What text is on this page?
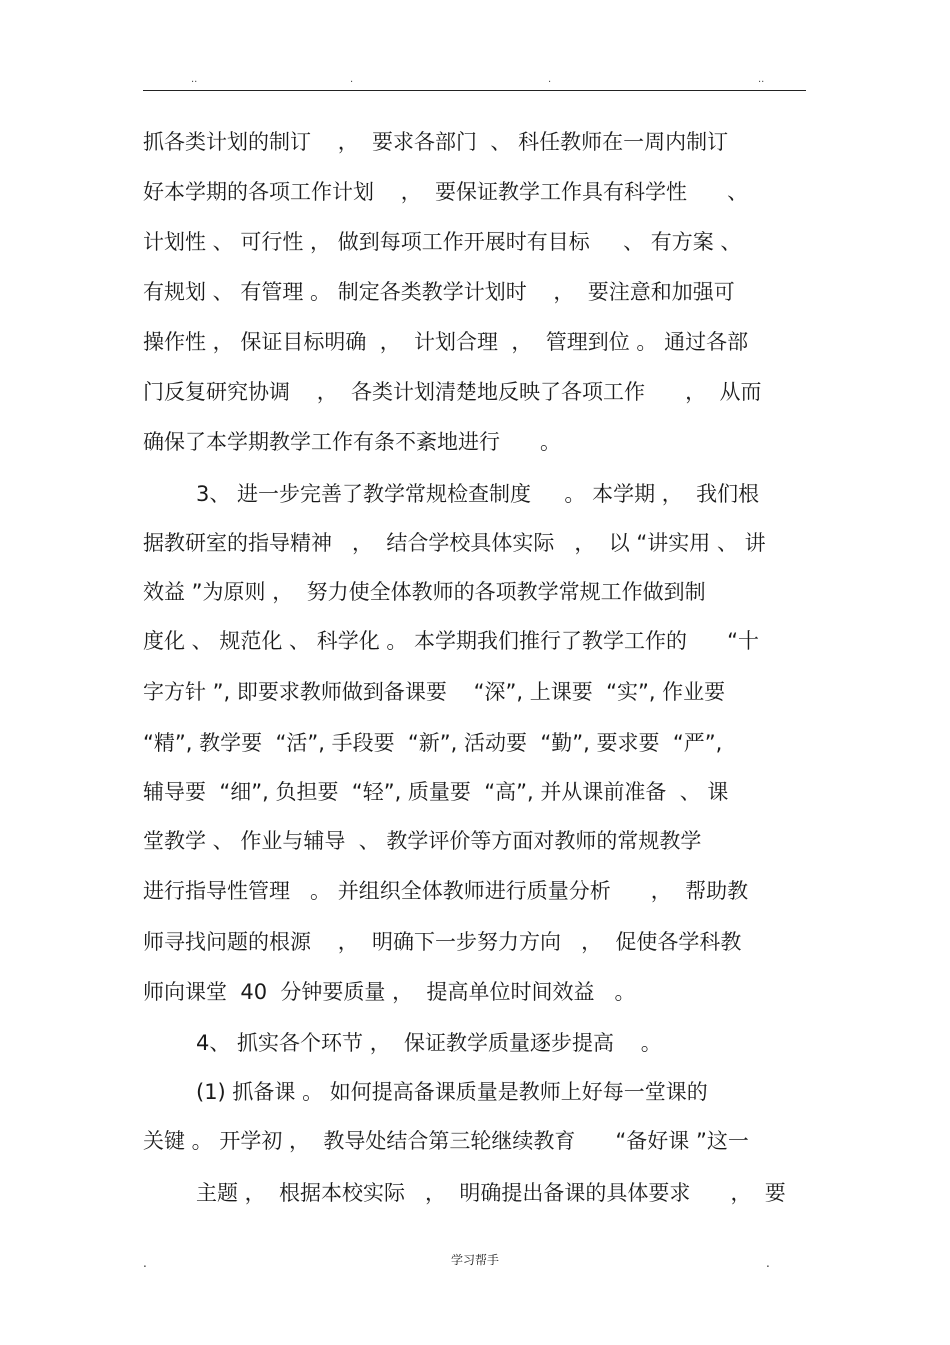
..	.	.	..
抓各类计划的制订    ，  要求各部门  、 科任教师在一周内制订
好本学期的各项工作计划    ，  要保证教学工作具有科学性      、
计划性 、 可行性 ， 做到每项工作开展时有目标     、 有方案 、
有规划 、 有管理 。 制定各类教学计划时    ，  要注意和加强可
操作性 ， 保证目标明确  ，  计划合理  ，  管理到位 。 通过各部
门反复研究协调    ，  各类计划清楚地反映了各项工作      ，  从而
确保了本学期教学工作有条不紊地进行      。
3、 进一步完善了教学常规检查制度     。 本学期 ，  我们根
据教研室的指导精神   ，  结合学校具体实际   ，  以 “讲实用 、 讲
效益 ”为原则 ，  努力使全体教师的各项教学常规工作做到制
度化 、 规范化 、 科学化 。 本学期我们推行了教学工作的      “十
字方针 ”, 即要求教师做到备课要    “深”, 上课要  “实”, 作业要
“精”, 教学要  “活”, 手段要  “新”, 活动要  “勤”, 要求要  “严”,
辅导要  “细”, 负担要  “轻”, 质量要  “高”, 并从课前准备  、 课
堂教学 、 作业与辅导  、 教学评价等方面对教师的常规教学
进行指导性管理   。 并组织全体教师进行质量分析      ，  帮助教
师寻找问题的根源    ，  明确下一步努力方向   ，  促使各学科教
师向课堂  40  分钟要质量 ，  提高单位时间效益   。
4、 抓实各个环节 ，  保证教学质量逐步提高    。
(1) 抓备课 。 如何提高备课质量是教师上好每一堂课的
关键 。 开学初 ，  教导处结合第三轮继续教育      “备好课 ”这一
主题 ，  根据本校实际   ，  明确提出备课的具体要求      ，  要
.	学习帮手	.
